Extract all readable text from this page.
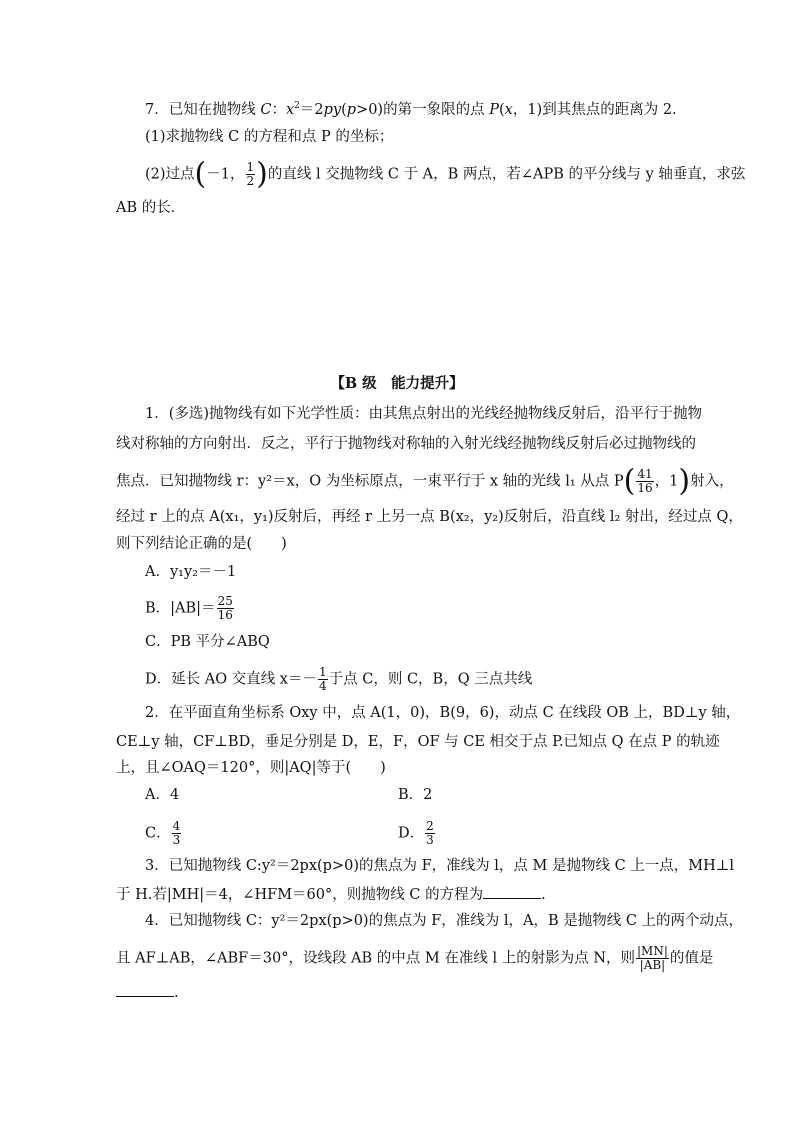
7．已知在抛物线 C：$x^2=2py(p>0)$的第一象限的点 P(x，1)到其焦点的距离为 2.
(1)求抛物线 C 的方程和点 P 的坐标；
(2)过点(－1， $\frac{1}{2}$ )的直线 l 交抛物线 C 于 A，B 两点，若∠APB 的平分线与 y 轴垂直，求弦
AB 的长．
【B 级　能力提升】
1．(多选)抛物线有如下光学性质：由其焦点射出的光线经抛物线反射后，沿平行于抛物
线对称轴的方向射出．反之，平行于抛物线对称轴的入射光线经抛物线反射后必过抛物线的
焦点．已知抛物线 r：y²＝x，O 为坐标原点，一束平行于 x 轴的光线 l₁ 从点 $P( \frac{41}{16}$ ，1)射入，
经过 r 上的点 A(x₁，y₁)反射后，再经 r 上另一点 B(x₂，y₂)反射后，沿直线 l₂ 射出，经过点 Q，
则下列结论正确的是(　　)
A．y₁y₂＝－1
B．$|AB|= \frac{25}{16}$
C．PB 平分∠ABQ
D．延长 AO 交直线 $x=- \frac{1}{4}$ 于点 C，则 C，B，Q 三点共线
2．在平面直角坐标系 Oxy 中，点 A(1，0)，B(9，6)，动点 C 在线段 OB 上，BD⊥y 轴，
CE⊥y 轴，CF⊥BD，垂足分别是 D，E，F，OF 与 CE 相交于点 P.已知点 Q 在点 P 的轨迹
上，且∠OAQ＝120°，则|AQ|等于(　　)
A．4	B．2
C． $\frac{4}{3}$	D． $\frac{2}{3}$
3．已知抛物线 C:y²＝2px(p>0)的焦点为 F，准线为 l，点 M 是抛物线 C 上一点，MH⊥l
于 H.若|MH|＝4，∠HFM＝60°，则抛物线 C 的方程为	.
4．已知抛物线 C：y²＝2px(p>0)的焦点为 F，准线为 l，A，B 是抛物线 C 上的两个动点，
且 AF⊥AB，∠ABF＝30°，设线段 AB 的中点 M 在准线 l 上的射影为点 N，则 $\frac{|MN|}{|AB|}$ 的值是
.
